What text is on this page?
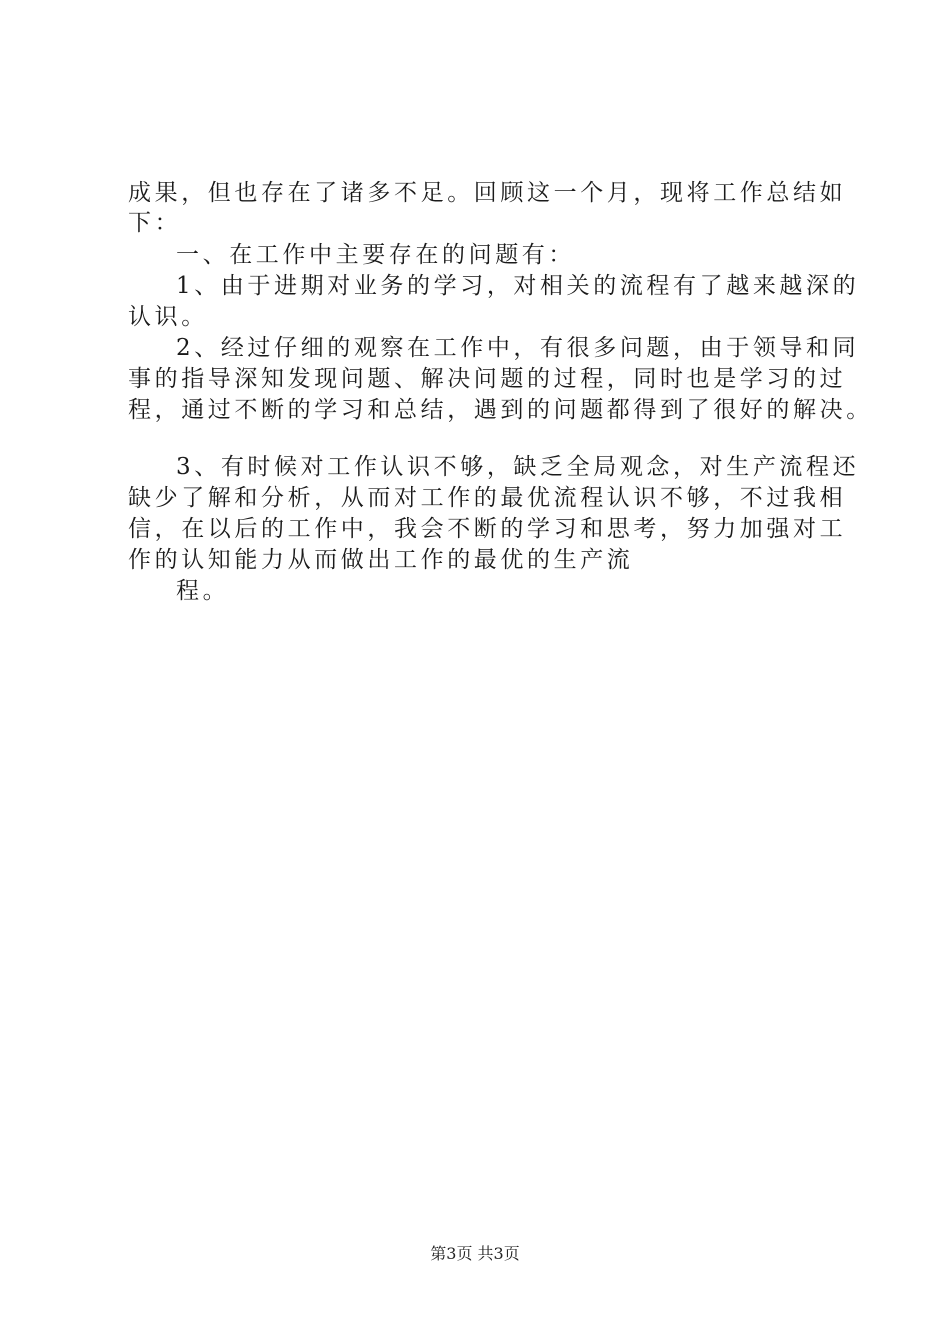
成果，但也存在了诸多不足。回顾这一个月，现将工作总结如
下：
一、在工作中主要存在的问题有：
1、由于进期对业务的学习，对相关的流程有了越来越深的
认识。
2、经过仔细的观察在工作中，有很多问题，由于领导和同
事的指导深知发现问题、解决问题的过程，同时也是学习的过
程，通过不断的学习和总结，遇到的问题都得到了很好的解决。
3、有时候对工作认识不够，缺乏全局观念，对生产流程还
缺少了解和分析，从而对工作的最优流程认识不够，不过我相
信，在以后的工作中，我会不断的学习和思考，努力加强对工
作的认知能力从而做出工作的最优的生产流
程。
第3页 共3页
